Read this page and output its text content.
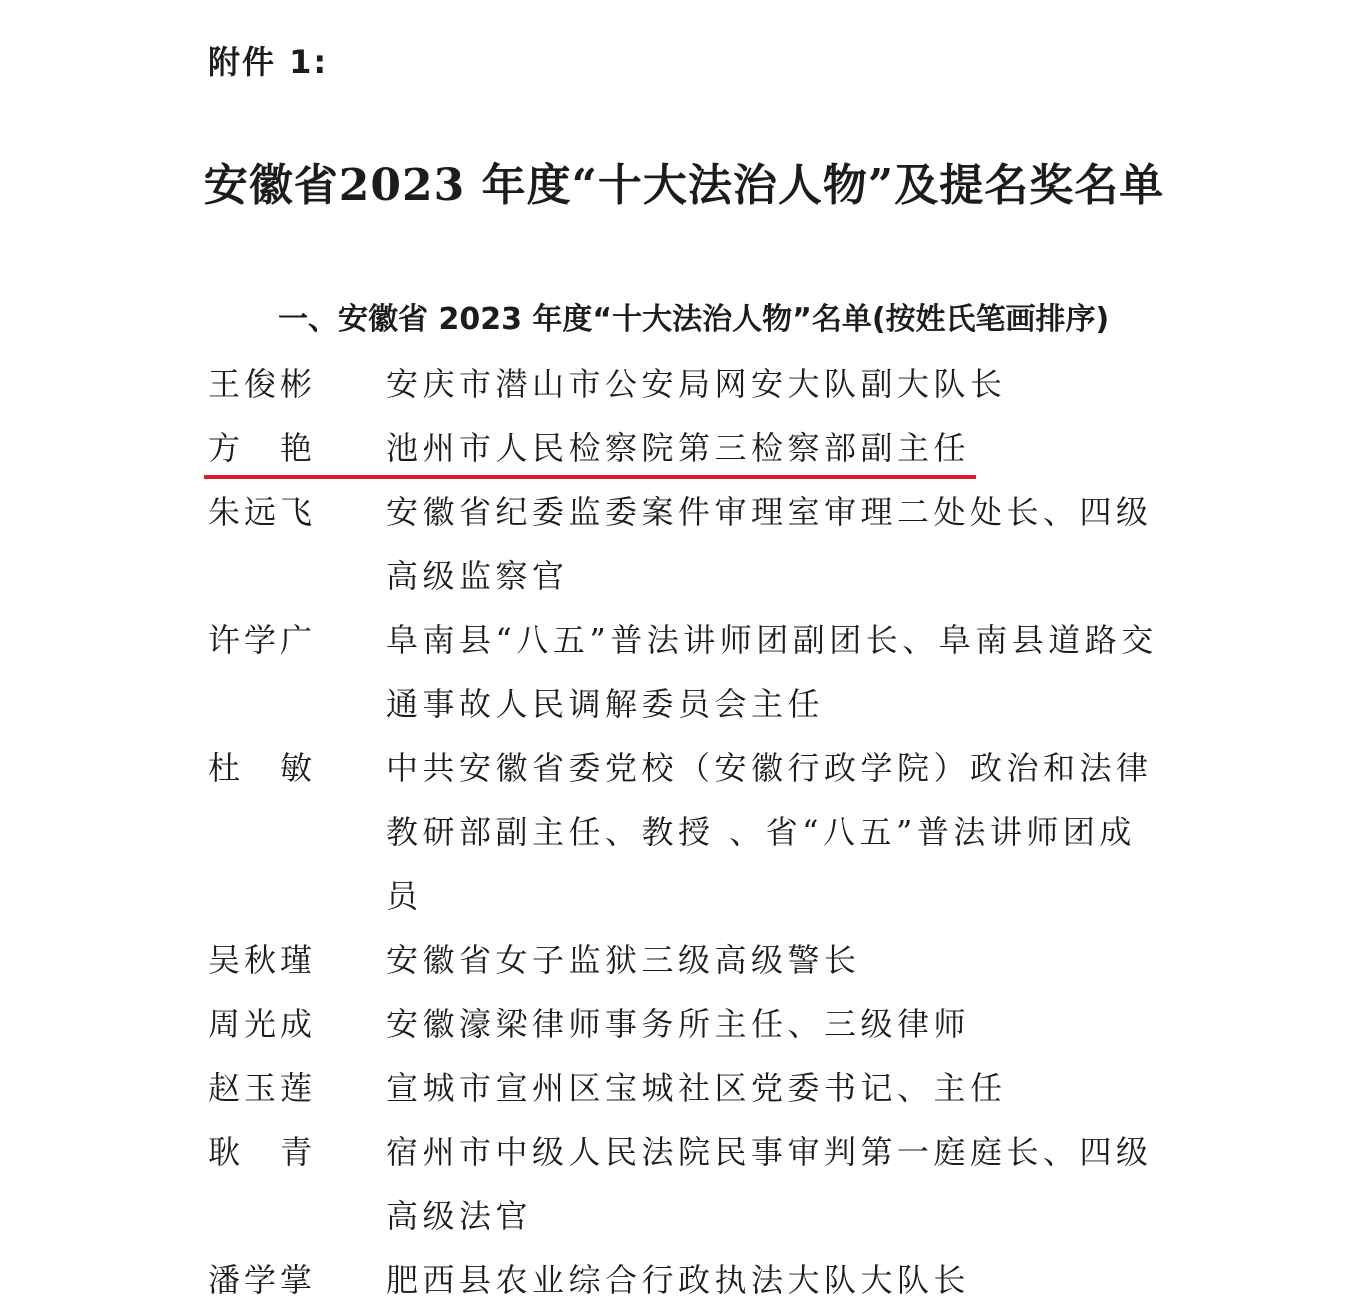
附件 1:
安徽省2023 年度“十大法治人物”及提名奖名单
一、安徽省 2023 年度“十大法治人物”名单(按姓氏笔画排序)
王俊彬	安庆市潜山市公安局网安大队副大队长
方　艳	池州市人民检察院第三检察部副主任
朱远飞	安徽省纪委监委案件审理室审理二处处长、四级高级监察官
许学广	阜南县“八五”普法讲师团副团长、阜南县道路交通事故人民调解委员会主任
杜　敏	中共安徽省委党校（安徽行政学院）政治和法律教研部副主任、教授 、省“八五”普法讲师团成员
吴秋瑾	安徽省女子监狱三级高级警长
周光成	安徽濠梁律师事务所主任、三级律师
赵玉莲	宣城市宣州区宝城社区党委书记、主任
耿　青	宿州市中级人民法院民事审判第一庭庭长、四级高级法官
潘学掌	肥西县农业综合行政执法大队大队长
